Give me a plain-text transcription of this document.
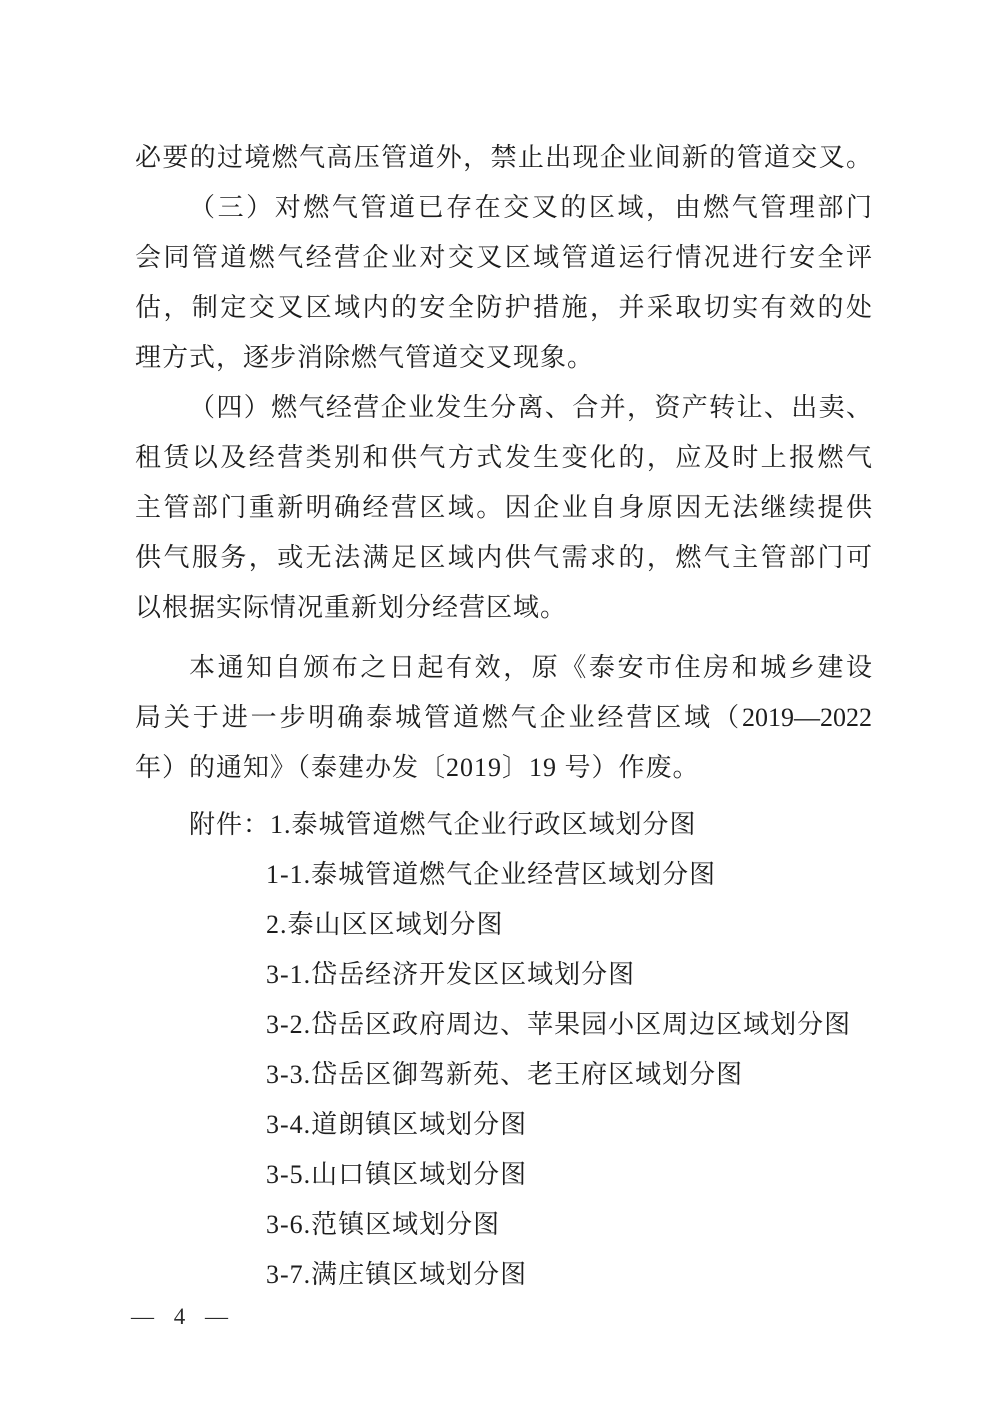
必要的过境燃气高压管道外，禁止出现企业间新的管道交叉。
（三）对燃气管道已存在交叉的区域，由燃气管理部门
会同管道燃气经营企业对交叉区域管道运行情况进行安全评
估，制定交叉区域内的安全防护措施，并采取切实有效的处
理方式，逐步消除燃气管道交叉现象。
（四）燃气经营企业发生分离、合并，资产转让、出卖、
租赁以及经营类别和供气方式发生变化的，应及时上报燃气
主管部门重新明确经营区域。因企业自身原因无法继续提供
供气服务，或无法满足区域内供气需求的，燃气主管部门可
以根据实际情况重新划分经营区域。
本通知自颁布之日起有效，原《泰安市住房和城乡建设
局关于进一步明确泰城管道燃气企业经营区域（2019—2022
年）的通知》（泰建办发〔2019〕19 号）作废。
附件：1.泰城管道燃气企业行政区域划分图
1-1.泰城管道燃气企业经营区域划分图
2.泰山区区域划分图
3-1.岱岳经济开发区区域划分图
3-2.岱岳区政府周边、苹果园小区周边区域划分图
3-3.岱岳区御驾新苑、老王府区域划分图
3-4.道朗镇区域划分图
3-5.山口镇区域划分图
3-6.范镇区域划分图
3-7.满庄镇区域划分图
— 4 —
